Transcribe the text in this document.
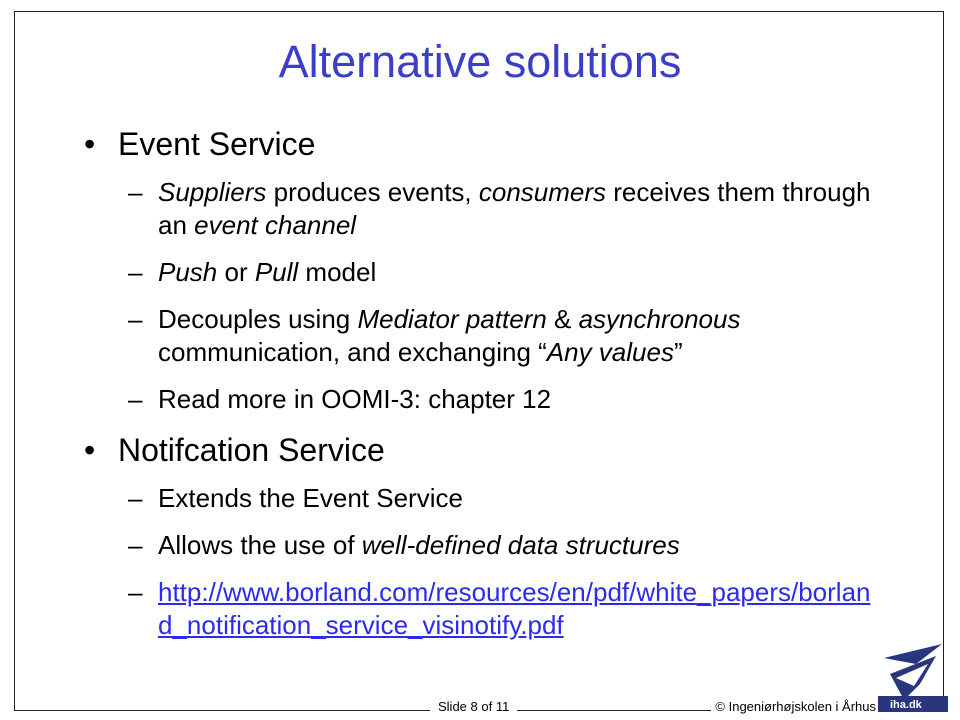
Alternative solutions
• Event Service
– Suppliers produces events, consumers receives them through an event channel
– Push or Pull model
– Decouples using Mediator pattern & asynchronous communication, and exchanging “Any values”
– Read more in OOMI-3: chapter 12
• Notifcation Service
– Extends the Event Service
– Allows the use of well-defined data structures
– http://www.borland.com/resources/en/pdf/white_papers/borland_notification_service_visinotify.pdf
Slide 8 of 11	© Ingeniørhøjskolen i Århus	iha.dk
